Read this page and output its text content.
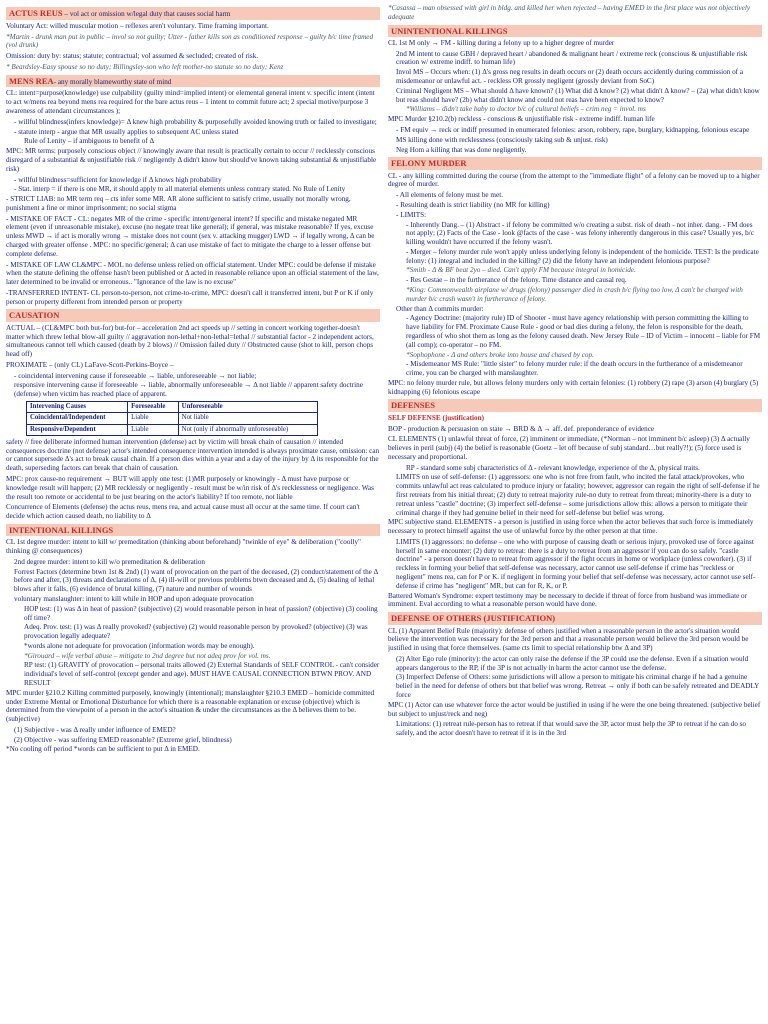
ACTUS REUS – vol act or omission w/legal duty that causes social harm
Voluntary Act: willed muscular motion – reflexes aren't voluntary. Time framing important.
*Martin - drunk man put in public – invol so not guilty; Utter - father kills son as conditioned response – guilty b/c time framed (vol drunk)
Omission: duty by: status; statute; contractual; vol assumed & secluded; created of risk.
* Beardsley-Easy spouse so no duty; Billingsley-son who left mother-no statute so no duty; Kenz
MENS REA- any morally blameworthy state of mind
CL: intent=purpose(knowledge) use culpability (guilty mind=implied intent) or elemental general intent v. specific intent (intent to act w/mens rea beyond mens rea required for the bare actus reus – 1 intent to commit future act; 2 special motive/purpose 3 awareness of attendant circumstances );
- willful blindness(infers knowledge)= Δ knew high probability & purposefully avoided knowing truth or failed to investigate;
- statute interp - argue that MR usually applies to subsequent AC unless stated
Rule of Lenity – if ambiguous to benefit of Δ
MPC: MR terms: purposely conscious object // knowingly aware that result is practically certain to occur // recklessly conscious disregard of a substantial & unjustifiable risk // negligently Δ didn't know but should've known taking substantial & unjustifiable risk)
- willful blindness=sufficient for knowledge if Δ knows high probability
- Stat. interp = if there is one MR, it should apply to all material elements unless contrary stated. No Rule of Lenity
- STRICT LIAB: no MR term req – cts infer some MR. AR alone sufficient to satisfy crime, usually not morally wrong, punishment a fine or minor imprisonment; no social stigma
- MISTAKE OF FACT - CL: negates MR of the crime - specific intent/general intent? If specific and mistake negated MR element (even if unreasonable mistake), excuse (no negate treat like general); if general, was mistake reasonable? If yes, excuse unless MWD → if act is morally wrong → mistake does not count (sex v. attacking mugger) LWD → if legally wrong, Δ can be charged with greater offense . MPC: no specific/general; Δ can use mistake of fact to mitigate the charge to a lesser offense but complete defense.
- MISTAKE OF LAW CL&MPC - MOL no defense unless relied on official statement. Under MPC: could be defense if mistake when the statute defining the offense hasn't been published or Δ acted in reasonable reliance upon an official statement of the law, later determined to be invalid or erroneous.. "Ignorance of the law is no excuse"
-TRANSFERRED INTENT- CL person-to-person, not crime-to-crime, MPC: doesn't call it transferred intent, but P or K if only person or property different from intended person or property
CAUSATION
ACTUAL – (CL&MPC both but-for) but-for – acceleration 2nd act speeds up // setting in concert working together-doesn't matter which threw lethal blow-all guilty // aggravation non-lethal+non-lethal=lethal // substantial factor - 2 independent actors, simultaneous cannot tell which caused (death by 2 blows) // Omission failed duty // Obstructed cause (shot to kill, person chops head off)
PROXIMATE – (only CL) LaFave-Scott-Perkins-Boyce –
- coincidental intervening cause if foreseeable → liable, unforeseeable → not liable;
responsive intervening cause if foreseeable → liable, abnormally unforeseeable → Δ not liable // apparent safety doctrine (defense) when victim has reached place of apparent.
Intervening Causes	Foreseeable	Unforeseeable
Coincidental/Independent	Liable	Not liable
Responsive/Dependent	Liable	Not (only if abnormally unforeseeable)
safety // free deliberate informed human intervention (defense) act by victim will break chain of causation // intended consequences doctrine (not defense) actor's intended consequence intervention intended is always proximate cause, omission: can or cannot supersede Δ's act to break causal chain. If a person dies within a year and a day of the injury by Δ its responsible for the death, superseding factors can break that chain of causation.
MPC: prox cause-no requirement → BUT will apply one test: (1)MR purposely or knowingly - Δ must have purpose or knowledge result will happen; (2) MR recklessly or negligently - result must be w/in risk of Δ's recklessness or negligence. Was the result too remote or accidental to be just bearing on the actor's liability? If too remote, not liable
Concurrence of Elements (defense) the actus reus, mens rea, and actual cause must all occur at the same time. If court can't decide which action caused death, no liability to Δ
INTENTIONAL KILLINGS
CL 1st degree murder: intent to kill w/ premeditation (thinking about beforehand) "twinkle of eye" & deliberation ("coolly" thinking @ consequences)
2nd degree murder: intent to kill w/o premeditation & deliberation
Forrest Factors (determine btwn 1st & 2nd) (1) want of provocation on the part of the deceased, (2) conduct/statement of the Δ before and after, (3) threats and declarations of Δ, (4) ill-will or previous problems btwn deceased and Δ, (5) dealing of lethal blows after it falls, (6) evidence of brutal killing, (7) nature and number of wounds
voluntary manslaughter: intent to kill while in HOP and upon adequate provocation
HOP test: (1) was Δ in heat of passion? (subjective) (2) would reasonable person in heat of passion? (objective) (3) cooling off time?
Adeq. Prov. test: (1) was Δ really provoked? (subjective) (2) would reasonable person by provoked? (objective) (3) was provocation legally adequate?
*words alone not adequate for provocation (information words may be enough).
*Girouard – wife verbal abuse – mitigate to 2nd degree but not adeq prov for vol. ms.
RP test: (1) GRAVITY of provocation – personal traits allowed (2) External Standards of SELF CONTROL - can't consider individual's level of self-control (except gender and age). MUST HAVE CAUSAL CONNECTION BTWN PROV. AND RESULT
MPC murder §210.2 Killing committed purposely, knowingly (intentional); manslaughter §210.3 EMED – homicide committed under Extreme Mental or Emotional Disturbance for which there is a reasonable explanation or excuse (objective) which is determined from the viewpoint of a person in the actor's situation & under the circumstances as the Δ believes them to be. (subjective)
(1) Subjective - was Δ really under influence of EMED?
(2) Objective - was suffering EMED reasonable? (Extreme grief, blindness)
*No cooling off period *words can be sufficient to put Δ in EMED.
*Casassa – man obsessed with girl in bldg. and killed her when rejected – having EMED in the first place was not objectively adequate
UNINTENTIONAL KILLINGS
CL 1st M only → FM - killing during a felony up to a higher degree of murder
2nd M intent to cause GBH / depraved heart / abandoned & malignant heart / extreme reck (conscious & unjustifiable risk creation w/ extreme indiff. to human life)
Invol MS – Occurs when: (1) Δ's gross neg results in death occurs or (2) death occurs accidently during commission of a misdemeanor or unlawful act. - reckless OR grossly negligent (grossly deviant from SoC)
Criminal Negligent MS – What should Δ have known? (1) What did Δ know? (2) what didn't Δ know? – (2a) what didn't know but reas should have? (2b) what didn't know and could not reas have been expected to know?
*Williams – didn't take baby to doctor b/c of cultural beliefs – crim neg = invol. ms
MPC Murder §210.2(b) reckless - conscious & unjustifiable risk - extreme indiff. human life
- FM equiv → reck or indiff presumed in enumerated felonies: arson, robbery, rape, burglary, kidnapping, felonious escape
MS killing done with recklessness (consciously taking sub & unjust. risk)
Neg Hom a killing that was done negligently.
FELONY MURDER
CL - any killing committed during the course (from the attempt to the "immediate flight" of a felony can be moved up to a higher degree of murder.
- All elements of felony must be met.
- Resulting death is strict liability (no MR for killing)
- LIMITS:
- Inherently Dang. – (1) Abstract - if felony be committed w/o creating a subst. risk of death - not inher. dang. - FM does not apply; (2) Facts of the Case - look @facts of the case - was felony inherently dangerous in this case? Usually yes, b/c killing wouldn't have occurred if the felony wasn't.
- Merger – felony murder rule won't apply unless underlying felony is independent of the homicide. TEST: Is the predicate felony: (1) integral and included in the killing? (2) did the felony have an independent felonious purpose?
*Smith - Δ & BF beat 2yo – died. Can't apply FM because integral in homicide.
- Res Gestae – in the furtherance of the felony. Time distance and causal req.
*King: Commonwealth airplane w/ drugs (felony) passenger died in crash b/c flying too low, Δ can't be charged with murder b/c crash wasn't in furtherance of felony.
Other than Δ commits murder:
- Agency Doctrine: (majority rule) ID of Shooter - must have agency relationship with person committing the killing to have liability for FM. Proximate Cause Rule - good or bad dies during a felony, the felon is responsible for the death, regardless of who shot them as long as the felony caused death. New Jersey Rule – ID of Victim – innocent – liable for FM (all comp); co-operator – no FM.
*Sophophone - Δ and others broke into house and chased by cop.
- Misdemeanor MS Rule: "little sister" to felony murder rule: if the death occurs in the furtherance of a misdemeanor crime, you can be charged with manslaughter.
MPC: no felony murder rule, but allows felony murders only with certain felonies: (1) robbery (2) rape (3) arson (4) burglary (5) kidnapping (6) felonious escape
DEFENSES
SELF DEFENSE (justification)
BOP - production & persuasion on state → BRD & Δ → aff. def. preponderance of evidence
CL ELEMENTS (1) unlawful threat of force, (2) imminent or immediate, (*Norman – not imminent b/c asleep) (3) Δ actually believes in peril (subj) (4) the belief is reasonable (Goetz – let off because of subj standard…but really?!); (5) force used is necessary and proportional.
RP - standard some subj characteristics of Δ - relevant knowledge, experience of the Δ, physical traits.
LIMITS on use of self-defense: (1) aggressors: one who is not free from fault, who incited the fatal attack/provokes, who commits unlawful act reas calculated to produce injury or fatality; however, aggressor can regain the right of self-defense if he first retreats from his initial threat; (2) duty to retreat majority rule-no duty to retreat from threat; minority-there is a duty to retreat unless "castle" doctrine; (3) imperfect self-defense – some jurisdictions allow this: allows a person to mitigate their criminal charge if they had genuine belief in their need for self-defense but belief was wrong.
MPC subjective stand. ELEMENTS - a person is justified in using force when the actor believes that such force is immediately necessary to protect himself against the use of unlawful force by the other person at that time.
LIMITS (1) aggressors: no defense – one who with purpose of causing death or serious injury, provoked use of force against herself in same encounter; (2) duty to retreat: there is a duty to retreat from an aggressor if you can do so safely. "castle doctrine" - a person doesn't have to retreat from aggressor if the fight occurs in home or workplace (unless coworker). (3) if reckless in forming your belief that self-defense was necessary, actor cannot use self-defense if crime has "reckless or negligent" mens rea, can for P or K. if negligent in forming your belief that self-defense was necessary, actor cannot use self-defense if crime has "negligent" MR, but can for R, K, or P.
Battered Woman's Syndrome: expert testimony may be necessary to decide if threat of force from husband was immediate or imminent. Eval according to what a reasonable person would have done.
DEFENSE OF OTHERS (JUSTIFICATION)
CL (1) Apparent Belief Rule (majority): defense of others justified when a reasonable person in the actor's situation would believe the intervention was necessary for the 3rd person and that a reasonable person would believe the 3rd person would be justified in using that force themselves. (same cts limit to special relationship btw Δ and 3P)
(2) Alter Ego rule (minority): the actor can only raise the defense if the 3P could use the defense. Even if a situation would appears dangerous to the RP, if the 3P is not actually in harm the actor cannot use the defense.
(3) Imperfect Defense of Others: some jurisdictions will allow a person to mitigate his criminal charge if he had a genuine belief in the need for defense of others but that belief was wrong. Retreat → only if both can be safely retreated and DEADLY force
MPC (1) Actor can use whatever force the actor would be justified in using if he were the one being threatened. (subjective belief but subject to unjust/reck and neg)
Limitations: (1) retreat rule-person has to retreat if that would save the 3P, actor must help the 3P to retreat if he can do so safely, and the actor doesn't have to retreat if it is in the 3rd
